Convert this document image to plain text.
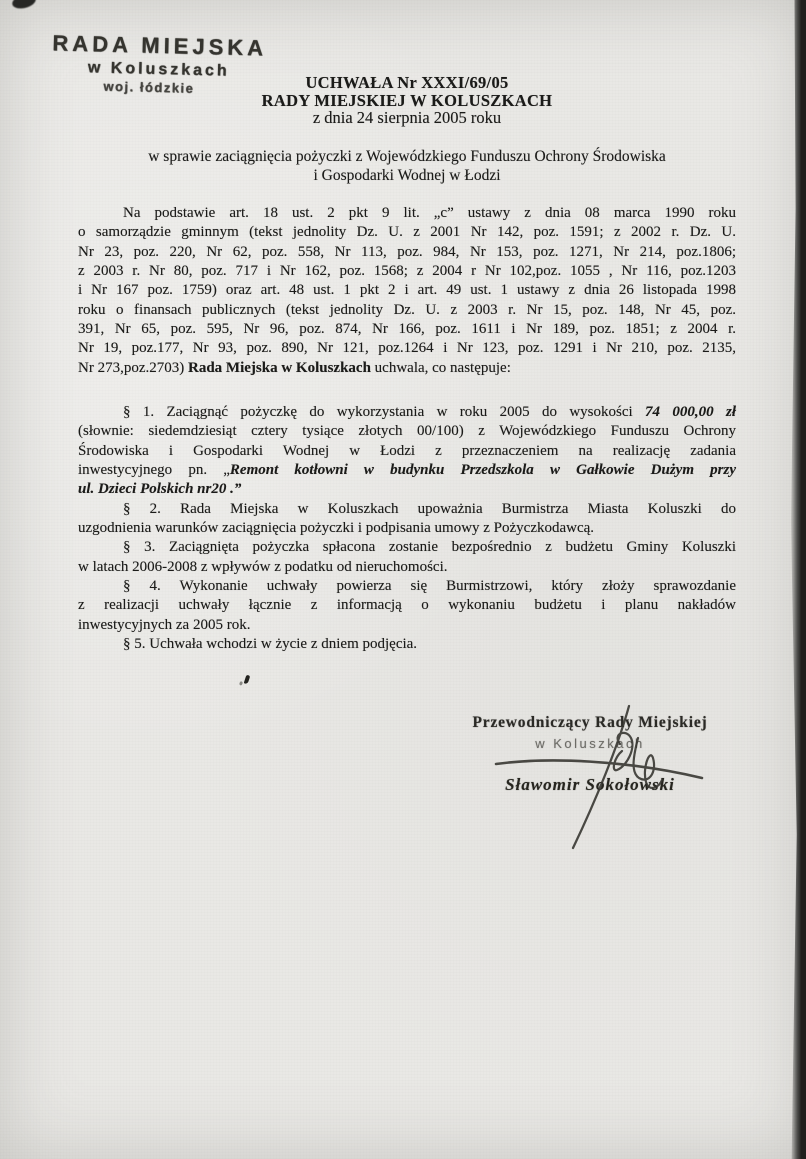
RADA MIEJSKA
w Koluszkach
woj. łódzkie	UCHWAŁA Nr XXXI/69/05
RADY MIEJSKIEJ W KOLUSZKACH
z dnia 24 sierpnia 2005 roku
w sprawie zaciągnięcia pożyczki z Wojewódzkiego Funduszu Ochrony Środowiska
i Gospodarki Wodnej w Łodzi
Na podstawie art. 18 ust. 2 pkt 9 lit. „c” ustawy z dnia 08 marca 1990 roku
o samorządzie gminnym (tekst jednolity Dz. U. z 2001 Nr 142, poz. 1591; z 2002 r. Dz. U.
Nr 23, poz. 220, Nr 62, poz. 558, Nr 113, poz. 984, Nr 153, poz. 1271, Nr 214, poz.1806;
z 2003 r. Nr 80, poz. 717 i Nr 162, poz. 1568; z 2004 r Nr 102,poz. 1055 , Nr 116, poz.1203
i Nr 167 poz. 1759) oraz art. 48 ust. 1 pkt 2 i art. 49 ust. 1 ustawy z dnia 26 listopada 1998
roku o finansach publicznych (tekst jednolity Dz. U. z 2003 r. Nr 15, poz. 148, Nr 45, poz.
391, Nr 65, poz. 595, Nr 96, poz. 874, Nr 166, poz. 1611 i Nr 189, poz. 1851; z 2004 r.
Nr 19, poz.177, Nr 93, poz. 890, Nr 121, poz.1264 i Nr 123, poz. 1291 i Nr 210, poz. 2135,
Nr 273,poz.2703) Rada Miejska w Koluszkach uchwala, co następuje:
§ 1. Zaciągnąć pożyczkę do wykorzystania w roku 2005 do wysokości 74 000,00 zł
(słownie: siedemdziesiąt cztery tysiące złotych 00/100) z Wojewódzkiego Funduszu Ochrony
Środowiska i Gospodarki Wodnej w Łodzi z przeznaczeniem na realizację zadania
inwestycyjnego pn. „Remont kotłowni w budynku Przedszkola w Gałkowie Dużym przy
ul. Dzieci Polskich nr20 .”
§ 2. Rada Miejska w Koluszkach upoważnia Burmistrza Miasta Koluszki do
uzgodnienia warunków zaciągnięcia pożyczki i podpisania umowy z Pożyczkodawcą.
§ 3. Zaciągnięta pożyczka spłacona zostanie bezpośrednio z budżetu Gminy Koluszki
w latach 2006-2008 z wpływów z podatku od nieruchomości.
§ 4. Wykonanie uchwały powierza się Burmistrzowi, który złoży sprawozdanie
z realizacji uchwały łącznie z informacją o wykonaniu budżetu i planu nakładów
inwestycyjnych za 2005 rok.
§ 5. Uchwała wchodzi w życie z dniem podjęcia.
Przewodniczący Rady Miejskiej
w Koluszkach
Sławomir Sokołowski
